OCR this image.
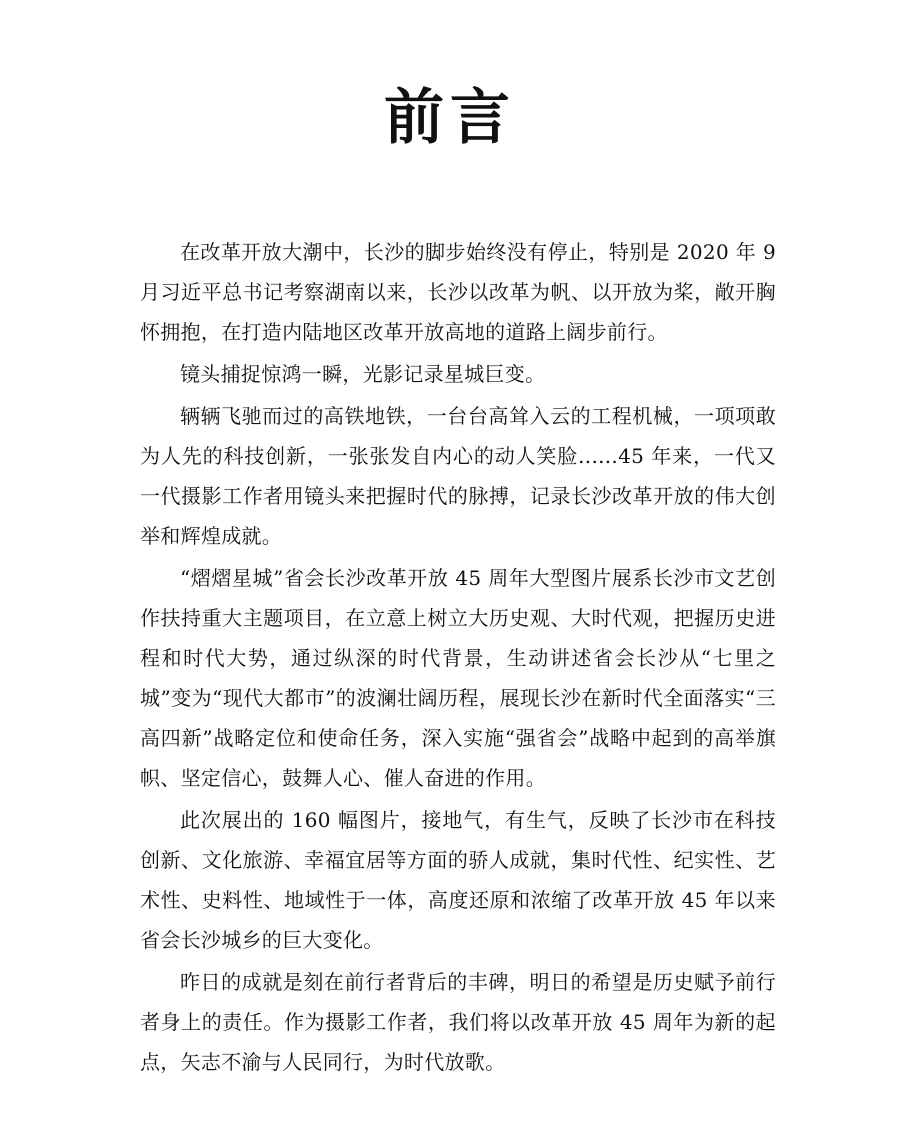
前言

在改革开放大潮中，长沙的脚步始终没有停止，特别是 2020 年 9 月习近平总书记考察湖南以来，长沙以改革为帆、以开放为桨，敞开胸怀拥抱，在打造内陆地区改革开放高地的道路上阔步前行。

镜头捕捉惊鸿一瞬，光影记录星城巨变。

辆辆飞驰而过的高铁地铁，一台台高耸入云的工程机械，一项项敢为人先的科技创新，一张张发自内心的动人笑脸......45 年来，一代又一代摄影工作者用镜头来把握时代的脉搏，记录长沙改革开放的伟大创举和辉煌成就。

“熠熠星城”省会长沙改革开放 45 周年大型图片展系长沙市文艺创作扶持重大主题项目，在立意上树立大历史观、大时代观，把握历史进程和时代大势，通过纵深的时代背景，生动讲述省会长沙从“七里之城”变为“现代大都市”的波澜壮阔历程，展现长沙在新时代全面落实“三高四新”战略定位和使命任务，深入实施“强省会”战略中起到的高举旗帜、坚定信心，鼓舞人心、催人奋进的作用。

此次展出的 160 幅图片，接地气，有生气，反映了长沙市在科技创新、文化旅游、幸福宜居等方面的骄人成就，集时代性、纪实性、艺术性、史料性、地域性于一体，高度还原和浓缩了改革开放 45 年以来省会长沙城乡的巨大变化。

昨日的成就是刻在前行者背后的丰碑，明日的希望是历史赋予前行者身上的责任。作为摄影工作者，我们将以改革开放 45 周年为新的起点，矢志不渝与人民同行，为时代放歌。
